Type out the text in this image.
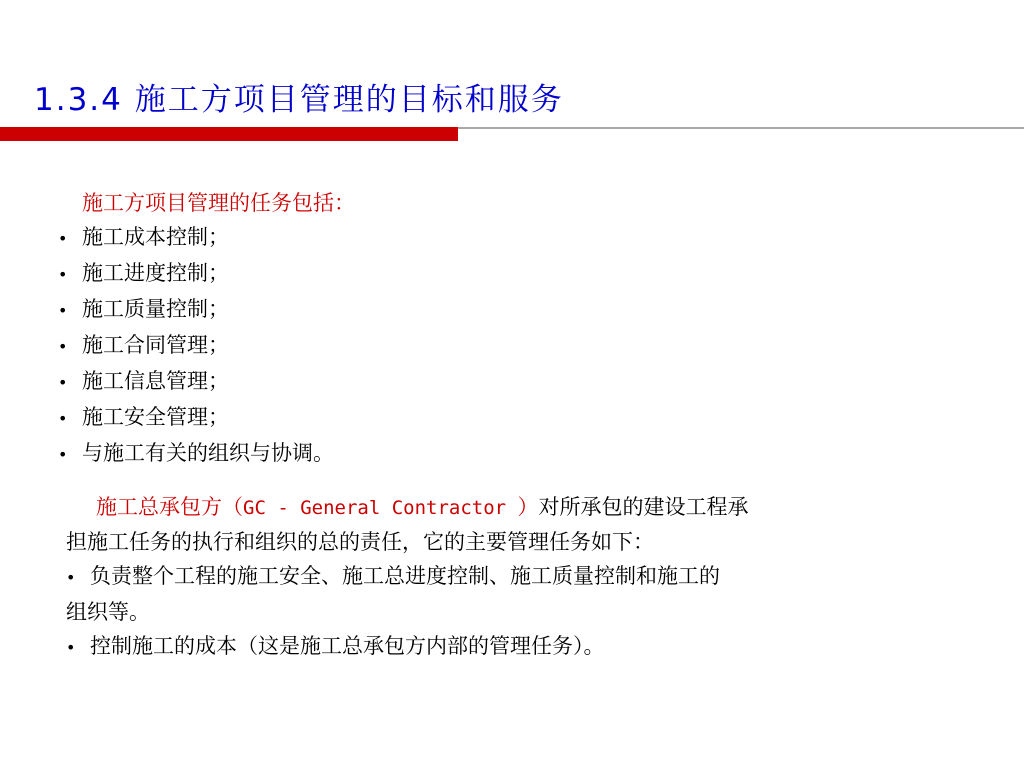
1.3.4 施工方项目管理的目标和服务
施工方项目管理的任务包括：
• 施工成本控制；
• 施工进度控制；
• 施工质量控制；
• 施工合同管理；
• 施工信息管理；
• 施工安全管理；
• 与施工有关的组织与协调。

施工总承包方（GC - General Contractor ）对所承包的建设工程承
担施工任务的执行和组织的总的责任，它的主要管理任务如下：

• 负责整个工程的施工安全、施工总进度控制、施工质量控制和施工的
组织等。

• 控制施工的成本（这是施工总承包方内部的管理任务）。
